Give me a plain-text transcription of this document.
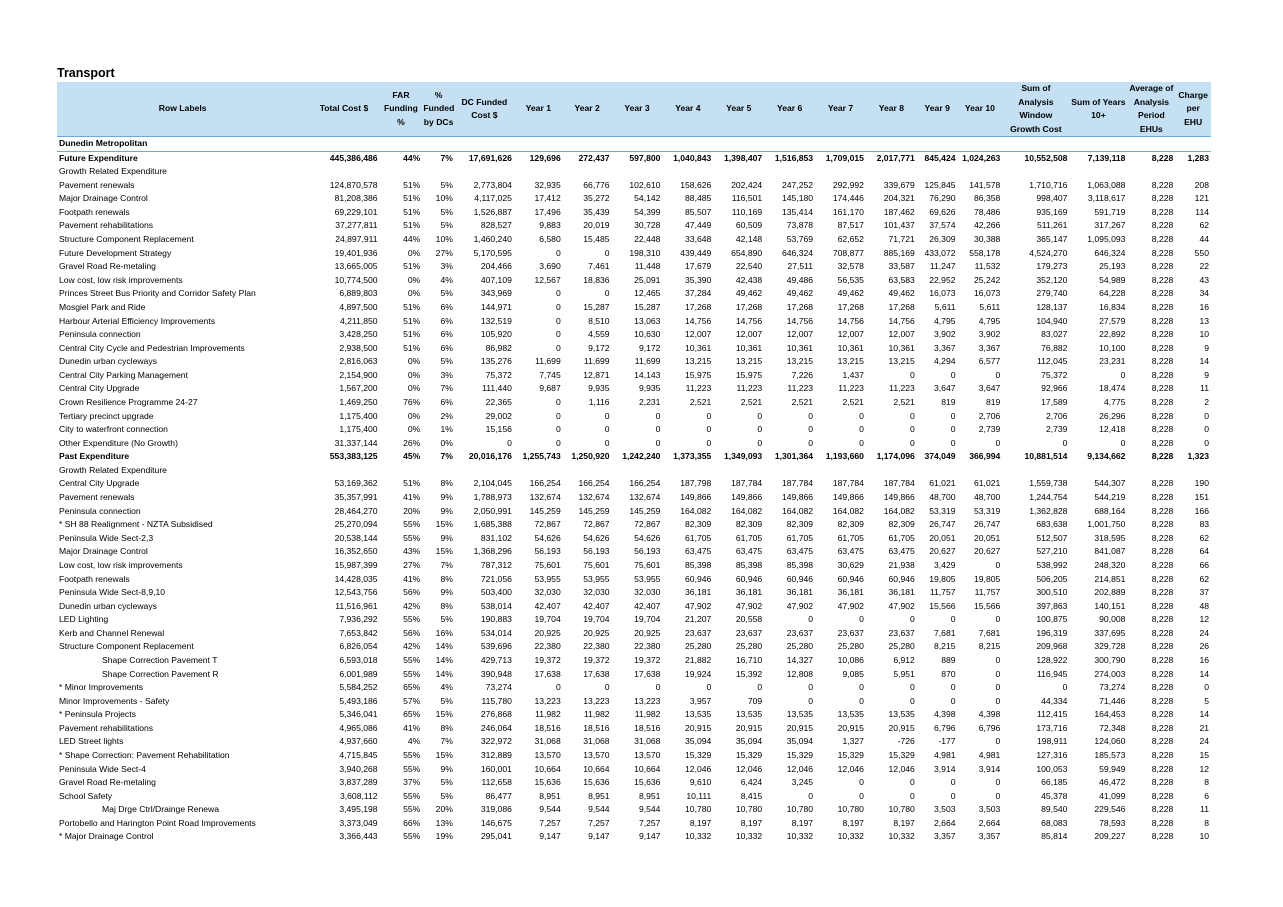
Transport
Row Labels	Total Cost $	FAR Funding %	% Funded by DCs	DC Funded Cost $	Year 1	Year 2	Year 3	Year 4	Year 5	Year 6	Year 7	Year 8	Year 9	Year 10	Sum of Analysis Window Growth Cost	Sum of Years 10+	Average of Analysis Period EHUs	Charge per EHU
Dunedin Metropolitan																		
Future Expenditure	445,386,486	44%	7%	17,691,626	129,696	272,437	597,800	1,040,843	1,398,407	1,516,853	1,709,015	2,017,771	845,424	1,024,263	10,552,508	7,139,118	8,228	1,283
Growth Related Expenditure																		
Pavement renewals	124,870,578	51%	5%	2,773,804	32,935	66,776	102,610	158,626	202,424	247,252	292,992	339,679	125,845	141,578	1,710,716	1,063,088	8,228	208
Major Drainage Control	81,208,386	51%	10%	4,117,025	17,412	35,272	54,142	88,485	116,501	145,180	174,446	204,321	76,290	86,358	998,407	3,118,617	8,228	121
Footpath renewals	69,229,101	51%	5%	1,526,887	17,496	35,439	54,399	85,507	110,169	135,414	161,170	187,462	69,626	78,486	935,169	591,719	8,228	114
Pavement rehabilitations	37,277,811	51%	5%	828,527	9,883	20,019	30,728	47,449	60,509	73,878	87,517	101,437	37,574	42,266	511,261	317,267	8,228	62
Structure Component Replacement	24,897,911	44%	10%	1,460,240	6,580	15,485	22,448	33,648	42,148	53,769	62,652	71,721	26,309	30,388	365,147	1,095,093	8,228	44
Future Development Strategy	19,401,936	0%	27%	5,170,595	0	0	198,310	439,449	654,890	646,324	708,877	885,169	433,072	558,178	4,524,270	646,324	8,228	550
Gravel Road Re-metaling	13,665,005	51%	3%	204,466	3,690	7,461	11,448	17,679	22,540	27,511	32,578	33,587	11,247	11,532	179,273	25,193	8,228	22
Low cost, low risk improvements	10,774,500	0%	4%	407,109	12,567	18,836	25,091	35,390	42,438	49,486	56,535	63,583	22,952	25,242	352,120	54,989	8,228	43
Princes Street Bus Priority and Corridor Safety Plan	6,889,803	0%	5%	343,969	0	0	12,465	37,284	49,462	49,462	49,462	49,462	16,073	16,073	279,740	64,228	8,228	34
Mosgiel Park and Ride	4,897,500	51%	6%	144,971	0	15,287	15,287	17,268	17,268	17,268	17,268	17,268	5,611	5,611	128,137	16,834	8,228	16
Harbour Arterial Efficiency Improvements	4,211,850	51%	6%	132,519	0	8,510	13,063	14,756	14,756	14,756	14,756	14,756	4,795	4,795	104,940	27,579	8,228	13
Peninsula connection	3,428,250	51%	6%	105,920	0	4,559	10,630	12,007	12,007	12,007	12,007	12,007	3,902	3,902	83,027	22,892	8,228	10
Central City Cycle and Pedestrian Improvements	2,938,500	51%	6%	86,982	0	9,172	9,172	10,361	10,361	10,361	10,361	10,361	3,367	3,367	76,882	10,100	8,228	9
Dunedin urban cycleways	2,816,063	0%	5%	135,276	11,699	11,699	11,699	13,215	13,215	13,215	13,215	13,215	4,294	6,577	112,045	23,231	8,228	14
Central City Parking Management	2,154,900	0%	3%	75,372	7,745	12,871	14,143	15,975	15,975	7,226	1,437	0	0	0	75,372	0	8,228	9
Central City Upgrade	1,567,200	0%	7%	111,440	9,687	9,935	9,935	11,223	11,223	11,223	11,223	11,223	3,647	3,647	92,966	18,474	8,228	11
Crown Resilience Programme 24-27	1,469,250	76%	6%	22,365	0	1,116	2,231	2,521	2,521	2,521	2,521	2,521	819	819	17,589	4,775	8,228	2
Tertiary precinct upgrade	1,175,400	0%	2%	29,002	0	0	0	0	0	0	0	0	0	2,706	2,706	26,296	8,228	0
City to waterfront connection	1,175,400	0%	1%	15,156	0	0	0	0	0	0	0	0	0	2,739	2,739	12,418	8,228	0
Other Expenditure (No Growth)	31,337,144	26%	0%	0	0	0	0	0	0	0	0	0	0	0	0	0	8,228	0
Past Expenditure	553,383,125	45%	7%	20,016,176	1,255,743	1,250,920	1,242,240	1,373,355	1,349,093	1,301,364	1,193,660	1,174,096	374,049	366,994	10,881,514	9,134,662	8,228	1,323
Growth Related Expenditure																		
Central City Upgrade	53,169,362	51%	8%	2,104,045	166,254	166,254	166,254	187,798	187,784	187,784	187,784	187,784	61,021	61,021	1,559,738	544,307	8,228	190
Pavement renewals	35,357,991	41%	9%	1,788,973	132,674	132,674	132,674	149,866	149,866	149,866	149,866	149,866	48,700	48,700	1,244,754	544,219	8,228	151
Peninsula connection	28,464,270	20%	9%	2,050,991	145,259	145,259	145,259	164,082	164,082	164,082	164,082	164,082	53,319	53,319	1,362,828	688,164	8,228	166
* SH 88 Realignment - NZTA Subsidised	25,270,094	55%	15%	1,685,388	72,867	72,867	72,867	82,309	82,309	82,309	82,309	82,309	26,747	26,747	683,638	1,001,750	8,228	83
Peninsula Wide Sect-2,3	20,538,144	55%	9%	831,102	54,626	54,626	54,626	61,705	61,705	61,705	61,705	61,705	20,051	20,051	512,507	318,595	8,228	62
Major Drainage Control	16,352,650	43%	15%	1,368,296	56,193	56,193	56,193	63,475	63,475	63,475	63,475	63,475	20,627	20,627	527,210	841,087	8,228	64
Low cost, low risk improvements	15,987,399	27%	7%	787,312	75,601	75,601	75,601	85,398	85,398	85,398	30,629	21,938	3,429	0	538,992	248,320	8,228	66
Footpath renewals	14,428,035	41%	8%	721,056	53,955	53,955	53,955	60,946	60,946	60,946	60,946	60,946	19,805	19,805	506,205	214,851	8,228	62
Peninsula Wide Sect-8,9,10	12,543,756	56%	9%	503,400	32,030	32,030	32,030	36,181	36,181	36,181	36,181	36,181	11,757	11,757	300,510	202,889	8,228	37
Dunedin urban cycleways	11,516,961	42%	8%	538,014	42,407	42,407	42,407	47,902	47,902	47,902	47,902	47,902	15,566	15,566	397,863	140,151	8,228	48
LED Lighting	7,936,292	55%	5%	190,883	19,704	19,704	19,704	21,207	20,558	0	0	0	0	0	100,875	90,008	8,228	12
Kerb and Channel Renewal	7,653,842	56%	16%	534,014	20,925	20,925	20,925	23,637	23,637	23,637	23,637	23,637	7,681	7,681	196,319	337,695	8,228	24
Structure Component Replacement	6,826,054	42%	14%	539,696	22,380	22,380	22,380	25,280	25,280	25,280	25,280	25,280	8,215	8,215	209,968	329,728	8,228	26
Shape Correction Pavement T	6,593,018	55%	14%	429,713	19,372	19,372	19,372	21,882	16,710	14,327	10,086	6,912	889	0	128,922	300,790	8,228	16
Shape Correction Pavement R	6,001,989	55%	14%	390,948	17,638	17,638	17,638	19,924	15,392	12,808	9,085	5,951	870	0	116,945	274,003	8,228	14
* Minor Improvements	5,584,252	65%	4%	73,274	0	0	0	0	0	0	0	0	0	0	0	73,274	8,228	0
Minor Improvements - Safety	5,493,186	57%	5%	115,780	13,223	13,223	13,223	3,957	709	0	0	0	0	0	44,334	71,446	8,228	5
* Peninsula Projects	5,346,041	65%	15%	276,868	11,982	11,982	11,982	13,535	13,535	13,535	13,535	13,535	4,398	4,398	112,415	164,453	8,228	14
Pavement rehabilitations	4,965,086	41%	8%	246,064	18,516	18,516	18,516	20,915	20,915	20,915	20,915	20,915	6,796	6,796	173,716	72,348	8,228	21
LED Street lights	4,937,660	4%	7%	322,972	31,068	31,068	31,068	35,094	35,094	35,094	1,327	-726	-177	0	198,911	124,060	8,228	24
* Shape Correction: Pavement Rehabilitation	4,715,845	55%	15%	312,889	13,570	13,570	13,570	15,329	15,329	15,329	15,329	15,329	4,981	4,981	127,316	185,573	8,228	15
Peninsula Wide Sect-4	3,940,268	55%	9%	160,001	10,664	10,664	10,664	12,046	12,046	12,046	12,046	12,046	3,914	3,914	100,053	59,949	8,228	12
Gravel Road Re-metaling	3,837,289	37%	5%	112,658	15,636	15,636	15,636	9,610	6,424	3,245	0	0	0	0	66,185	46,472	8,228	8
School Safety	3,608,112	55%	5%	86,477	8,951	8,951	8,951	10,111	8,415	0	0	0	0	0	45,378	41,099	8,228	6
Maj Drge Ctrl/Drainge Renewa	3,495,198	55%	20%	319,086	9,544	9,544	9,544	10,780	10,780	10,780	10,780	10,780	3,503	3,503	89,540	229,546	8,228	11
Portobello and Harington Point Road Improvements	3,373,049	66%	13%	146,675	7,257	7,257	7,257	8,197	8,197	8,197	8,197	8,197	2,664	2,664	68,083	78,593	8,228	8
* Major Drainage Control	3,366,443	55%	19%	295,041	9,147	9,147	9,147	10,332	10,332	10,332	10,332	10,332	3,357	3,357	85,814	209,227	8,228	10
